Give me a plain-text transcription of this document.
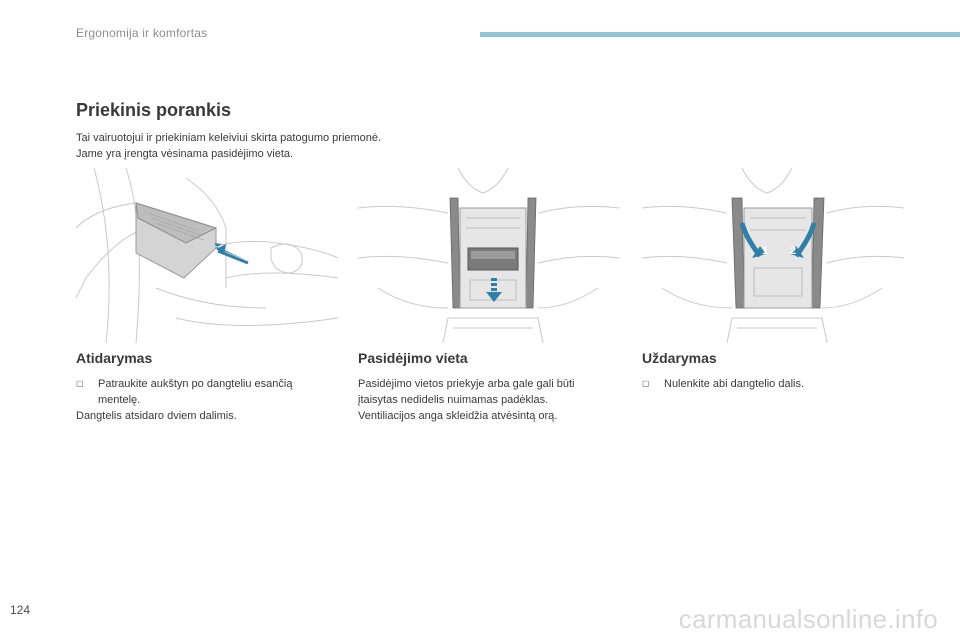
Ergonomija ir komfortas
Priekinis porankis
Tai vairuotojui ir priekiniam keleiviui skirta patogumo priemonė.
Jame yra įrengta vėsinama pasidėjimo vieta.
1 2
Atidarymas
▢	Patraukite aukštyn po dangteliu esančią
mentelę.
Dangtelis atsidaro dviem dalimis.
Pasidėjimo vieta
Pasidėjimo vietos priekyje arba gale gali būti
įtaisytas nedidelis nuimamas padėklas.
Ventiliacijos anga skleidžia atvėsintą orą.
Uždarymas
▢	Nulenkite abi dangtelio dalis.
124	carmanualsonline.info
